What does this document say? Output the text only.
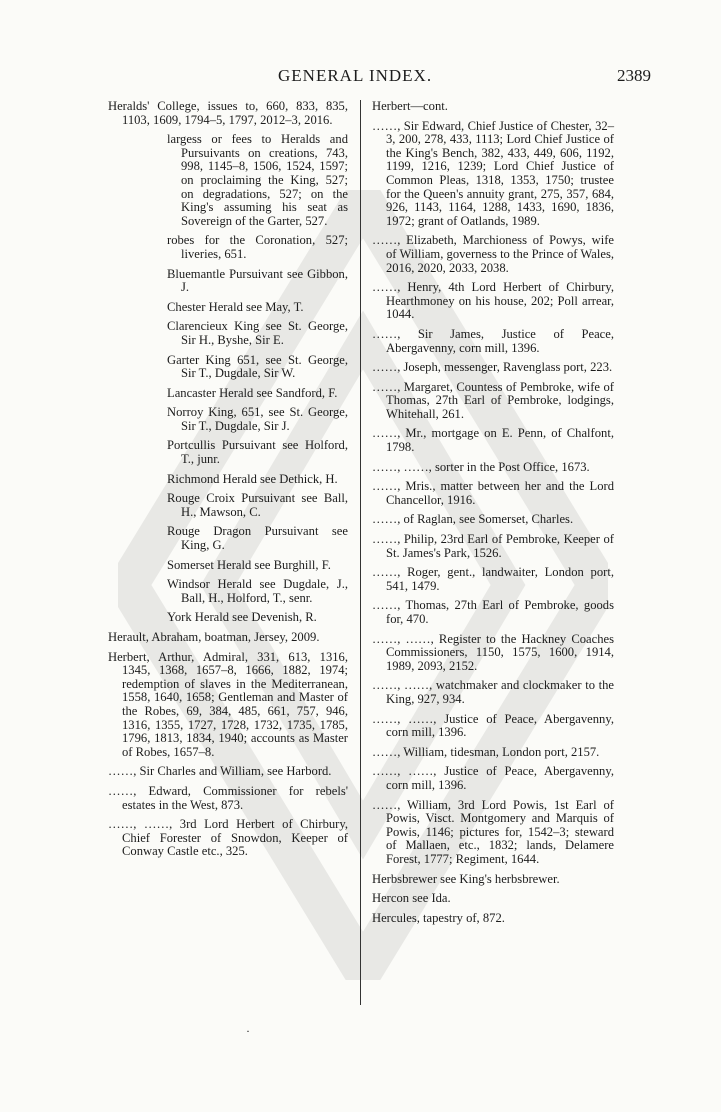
GENERAL INDEX.	2389

Heralds' College, issues to, 660, 833, 835, 1103, 1609, 1794–5, 1797, 2012–3, 2016.

largess or fees to Heralds and Pursuivants on creations, 743, 998, 1145–8, 1506, 1524, 1597; on proclaiming the King, 527; on degradations, 527; on the King's assuming his seat as Sovereign of the Garter, 527.

robes for the Coronation, 527; liveries, 651.

Bluemantle Pursuivant see Gibbon, J.

Chester Herald see May, T.

Clarencieux King see St. George, Sir H., Byshe, Sir E.

Garter King 651, see St. George, Sir T., Dugdale, Sir W.

Lancaster Herald see Sandford, F.

Norroy King, 651, see St. George, Sir T., Dugdale, Sir J.

Portcullis Pursuivant see Holford, T., junr.

Richmond Herald see Dethick, H.

Rouge Croix Pursuivant see Ball, H., Mawson, C.

Rouge Dragon Pursuivant see King, G.

Somerset Herald see Burghill, F.

Windsor Herald see Dugdale, J., Ball, H., Holford, T., senr.

York Herald see Devenish, R.

Herault, Abraham, boatman, Jersey, 2009.

Herbert, Arthur, Admiral, 331, 613, 1316, 1345, 1368, 1657–8, 1666, 1882, 1974; redemption of slaves in the Mediterranean, 1558, 1640, 1658; Gentleman and Master of the Robes, 69, 384, 485, 661, 757, 946, 1316, 1355, 1727, 1728, 1732, 1735, 1785, 1796, 1813, 1834, 1940; accounts as Master of Robes, 1657–8.

……, Sir Charles and William, see Harbord.

……, Edward, Commissioner for rebels' estates in the West, 873.

……, ……, 3rd Lord Herbert of Chirbury, Chief Forester of Snowdon, Keeper of Conway Castle etc., 325.

Herbert—cont.

……, Sir Edward, Chief Justice of Chester, 32–3, 200, 278, 433, 1113; Lord Chief Justice of the King's Bench, 382, 433, 449, 606, 1192, 1199, 1216, 1239; Lord Chief Justice of Common Pleas, 1318, 1353, 1750; trustee for the Queen's annuity grant, 275, 357, 684, 926, 1143, 1164, 1288, 1433, 1690, 1836, 1972; grant of Oatlands, 1989.

……, Elizabeth, Marchioness of Powys, wife of William, governess to the Prince of Wales, 2016, 2020, 2033, 2038.

……, Henry, 4th Lord Herbert of Chirbury, Hearthmoney on his house, 202; Poll arrear, 1044.

……, Sir James, Justice of Peace, Abergavenny, corn mill, 1396.

……, Joseph, messenger, Ravenglass port, 223.

……, Margaret, Countess of Pembroke, wife of Thomas, 27th Earl of Pembroke, lodgings, Whitehall, 261.

……, Mr., mortgage on E. Penn, of Chalfont, 1798.

……, ……, sorter in the Post Office, 1673.

……, Mris., matter between her and the Lord Chancellor, 1916.

……, of Raglan, see Somerset, Charles.

……, Philip, 23rd Earl of Pembroke, Keeper of St. James's Park, 1526.

……, Roger, gent., landwaiter, London port, 541, 1479.

……, Thomas, 27th Earl of Pembroke, goods for, 470.

……, ……, Register to the Hackney Coaches Commissioners, 1150, 1575, 1600, 1914, 1989, 2093, 2152.

……, ……, watchmaker and clockmaker to the King, 927, 934.

……, ……, Justice of Peace, Abergavenny, corn mill, 1396.

……, William, tidesman, London port, 2157.

……, ……, Justice of Peace, Abergavenny, corn mill, 1396.

……, William, 3rd Lord Powis, 1st Earl of Powis, Visct. Montgomery and Marquis of Powis, 1146; pictures for, 1542–3; steward of Mallaen, etc., 1832; lands, Delamere Forest, 1777; Regiment, 1644.

Herbsbrewer see King's herbsbrewer.

Hercon see Ida.

Hercules, tapestry of, 872.

·
